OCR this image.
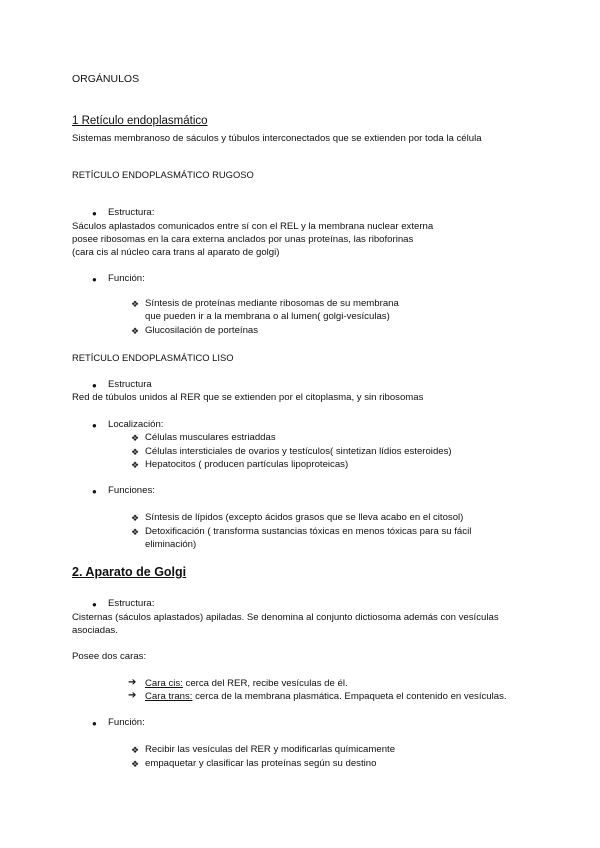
ORGÁNULOS
1 Retículo endoplasmático
Sistemas membranoso de sáculos y túbulos interconectados que se extienden por toda la célula
RETÍCULO ENDOPLASMÁTICO RUGOSO
● Estructura:
Sáculos aplastados comunicados entre sí con el REL y la membrana nuclear externa
posee ribosomas en la cara externa anclados por unas proteínas, las riboforinas
(cara cis al núcleo cara trans al aparato de golgi)
● Función:
❖ Síntesis de proteínas mediante ribosomas de su membrana
que pueden ir a la membrana o al lumen( golgi-vesículas)
❖ Glucosilación de porteínas
RETÍCULO ENDOPLASMÁTICO LISO
● Estructura
Red de túbulos unidos al RER que se extienden por el citoplasma, y sin ribosomas
● Localización:
❖ Células musculares estriaddas
❖ Células intersticiales de ovarios y testículos( sintetizan lídios esteroides)
❖ Hepatocitos ( producen partículas lipoproteicas)
● Funciones:
❖ Síntesis de lípidos (excepto ácidos grasos que se lleva acabo en el citosol)
❖ Detoxificación ( transforma sustancias tóxicas en menos tóxicas para su fácil
eliminación)
2. Aparato de Golgi
● Estructura:
Cisternas (sáculos aplastados) apiladas. Se denomina al conjunto dictiosoma además con vesículas
asociadas.
Posee dos caras:
➔ Cara cis: cerca del RER, recibe vesículas de él.
➔ Cara trans: cerca de la membrana plasmática. Empaqueta el contenido en vesículas.
● Función:
❖ Recibir las vesículas del RER y modificarlas químicamente
❖ empaquetar y clasificar las proteínas según su destino
